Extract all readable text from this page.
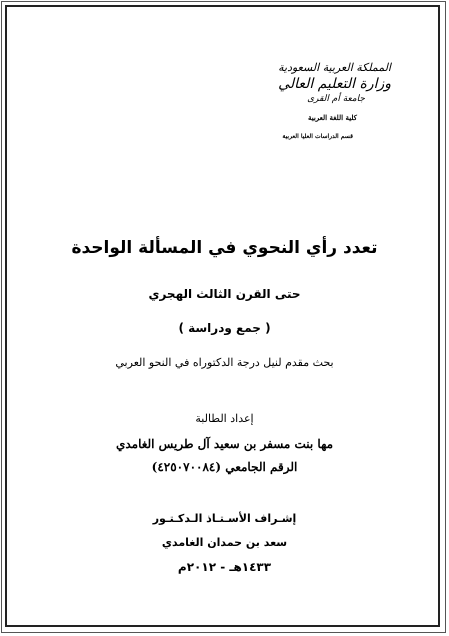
المملكة العربية السعودية
وزارة التعليم العالي
جامعة أم القرى
كلية اللغة العربية
قسم الدراسات العليا العربية
تعدد رأي النحوي في المسألة الواحدة
حتى القرن الثالث الهجري
( جمع ودراسة )
بحث مقدم لنيل درجة الدكتوراه في النحو العربي
إعداد الطالبة
مها بنت مسفر بن سعيد آل طريس الغامدي
الرقم الجامعي (٤٢٥٠٧٠٠٨٤)
إشـراف الأسـتـاذ الـدكـتـور
سعد بن حمدان الغامدي
١٤٣٣هـ - ٢٠١٢م
